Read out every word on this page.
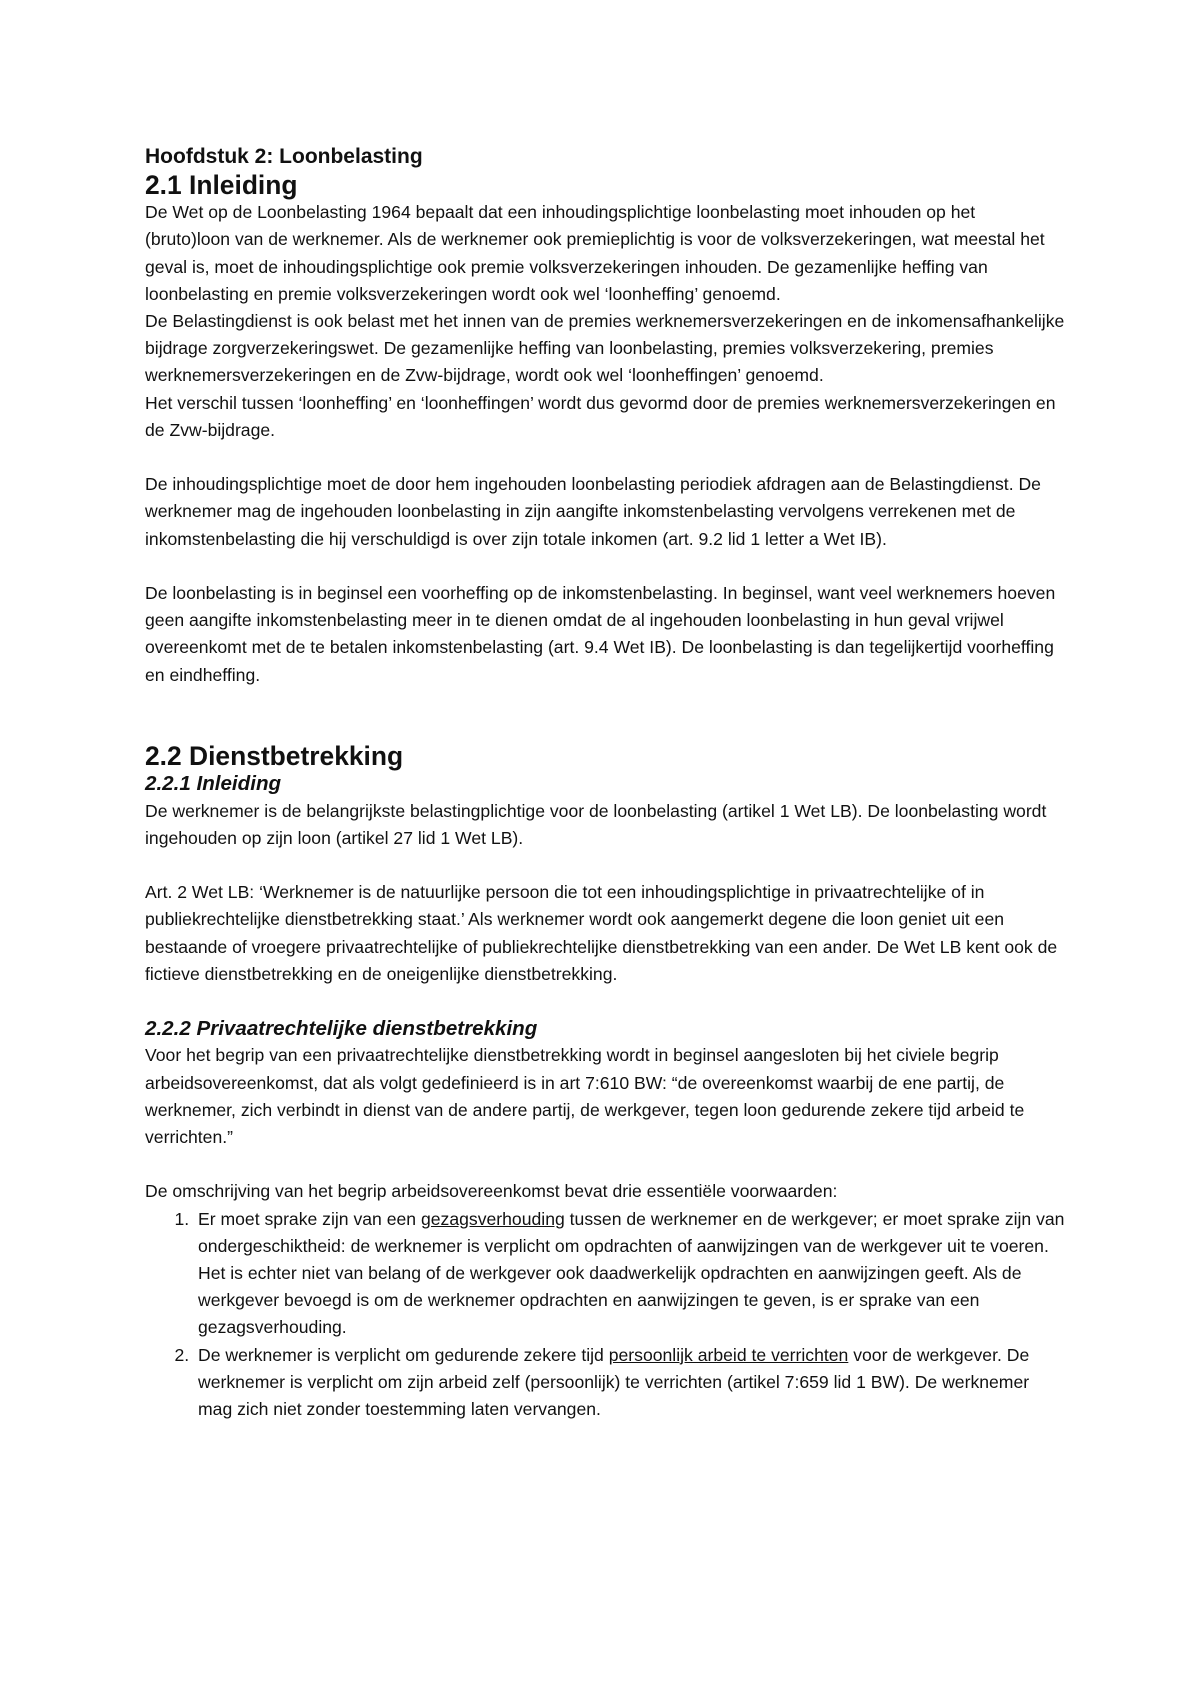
Hoofdstuk 2: Loonbelasting
2.1 Inleiding

De Wet op de Loonbelasting 1964 bepaalt dat een inhoudingsplichtige loonbelasting moet inhouden op het (bruto)loon van de werknemer. Als de werknemer ook premieplichtig is voor de volksverzekeringen, wat meestal het geval is, moet de inhoudingsplichtige ook premie volksverzekeringen inhouden. De gezamenlijke heffing van loonbelasting en premie volksverzekeringen wordt ook wel ‘loonheffing’ genoemd.

De Belastingdienst is ook belast met het innen van de premies werknemersverzekeringen en de inkomensafhankelijke bijdrage zorgverzekeringswet. De gezamenlijke heffing van loonbelasting, premies volksverzekering, premies werknemersverzekeringen en de Zvw-bijdrage, wordt ook wel ‘loonheffingen’ genoemd.

Het verschil tussen ‘loonheffing’ en ‘loonheffingen’ wordt dus gevormd door de premies werknemersverzekeringen en de Zvw-bijdrage.

De inhoudingsplichtige moet de door hem ingehouden loonbelasting periodiek afdragen aan de Belastingdienst. De werknemer mag de ingehouden loonbelasting in zijn aangifte inkomstenbelasting vervolgens verrekenen met de inkomstenbelasting die hij verschuldigd is over zijn totale inkomen (art. 9.2 lid 1 letter a Wet IB).

De loonbelasting is in beginsel een voorheffing op de inkomstenbelasting. In beginsel, want veel werknemers hoeven geen aangifte inkomstenbelasting meer in te dienen omdat de al ingehouden loonbelasting in hun geval vrijwel overeenkomt met de te betalen inkomstenbelasting (art. 9.4 Wet IB). De loonbelasting is dan tegelijkertijd voorheffing en eindheffing.

2.2 Dienstbetrekking
2.2.1 Inleiding

De werknemer is de belangrijkste belastingplichtige voor de loonbelasting (artikel 1 Wet LB). De loonbelasting wordt ingehouden op zijn loon (artikel 27 lid 1 Wet LB).

Art. 2 Wet LB: ‘Werknemer is de natuurlijke persoon die tot een inhoudingsplichtige in privaatrechtelijke of in publiekrechtelijke dienstbetrekking staat.’ Als werknemer wordt ook aangemerkt degene die loon geniet uit een bestaande of vroegere privaatrechtelijke of publiekrechtelijke dienstbetrekking van een ander. De Wet LB kent ook de fictieve dienstbetrekking en de oneigenlijke dienstbetrekking.

2.2.2 Privaatrechtelijke dienstbetrekking

Voor het begrip van een privaatrechtelijke dienstbetrekking wordt in beginsel aangesloten bij het civiele begrip arbeidsovereenkomst, dat als volgt gedefinieerd is in art 7:610 BW: “de overeenkomst waarbij de ene partij, de werknemer, zich verbindt in dienst van de andere partij, de werkgever, tegen loon gedurende zekere tijd arbeid te verrichten.”

De omschrijving van het begrip arbeidsovereenkomst bevat drie essentiële voorwaarden:

1. Er moet sprake zijn van een gezagsverhouding tussen de werknemer en de werkgever; er moet sprake zijn van ondergeschiktheid: de werknemer is verplicht om opdrachten of aanwijzingen van de werkgever uit te voeren. Het is echter niet van belang of de werkgever ook daadwerkelijk opdrachten en aanwijzingen geeft. Als de werkgever bevoegd is om de werknemer opdrachten en aanwijzingen te geven, is er sprake van een gezagsverhouding.
2. De werknemer is verplicht om gedurende zekere tijd persoonlijk arbeid te verrichten voor de werkgever. De werknemer is verplicht om zijn arbeid zelf (persoonlijk) te verrichten (artikel 7:659 lid 1 BW). De werknemer mag zich niet zonder toestemming laten vervangen.
